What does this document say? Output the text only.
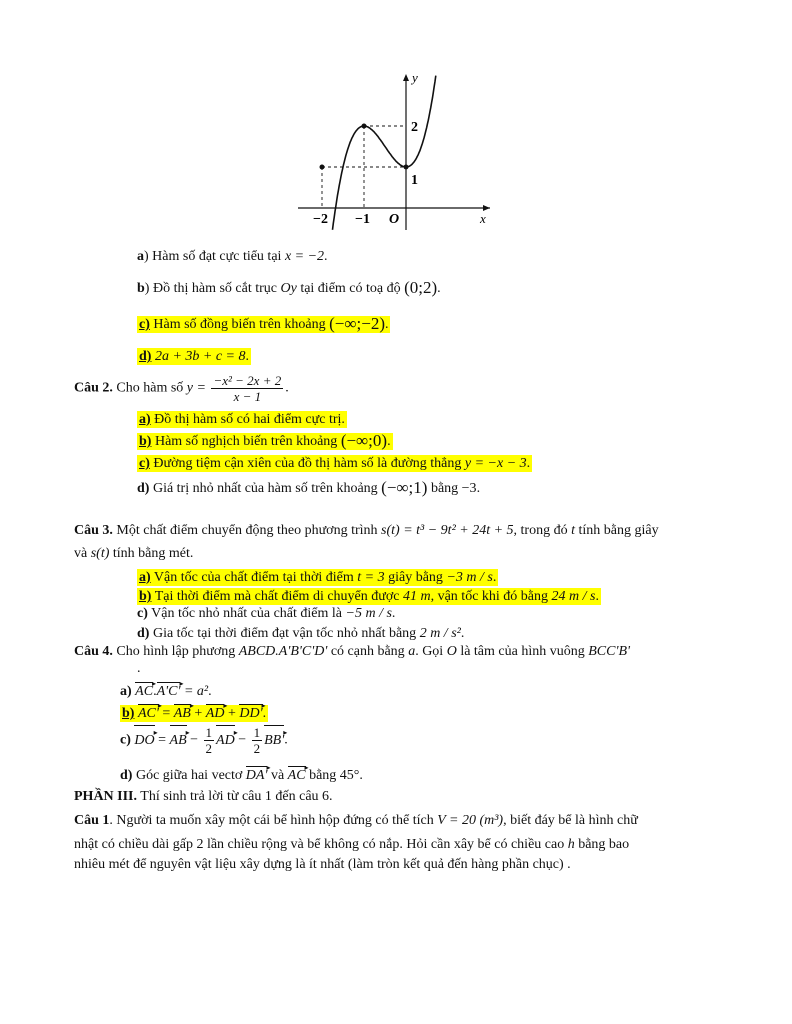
y
x
O
−2 −1
1
2
a) Hàm số đạt cực tiểu tại x = −2.
b) Đồ thị hàm số cắt trục Oy tại điểm có toạ độ (0;2).
c) Hàm số đồng biến trên khoảng (−∞;−2).
d) 2a + 3b + c = 8.
Câu 2. Cho hàm số $y = \frac{\text{−x² − 2x + 2}}{x - 1}$ .
a) Đồ thị hàm số có hai điểm cực trị.
b) Hàm số nghịch biến trên khoảng (−∞;0).
c) Đường tiệm cận xiên của đồ thị hàm số là đường thẳng y = −x − 3.
d) Giá trị nhỏ nhất của hàm số trên khoảng (−∞;1) bằng −3.
Câu 3. Một chất điểm chuyển động theo phương trình s(t) = t³ − 9t² + 24t + 5, trong đó t tính bằng giây
và s(t) tính bằng mét.
a) Vận tốc của chất điểm tại thời điểm t = 3 giây bằng −3 m / s.
b) Tại thời điểm mà chất điểm di chuyển được 41 m, vận tốc khi đó bằng 24 m / s.
c) Vận tốc nhỏ nhất của chất điểm là −5 m / s.
d) Gia tốc tại thời điểm đạt vận tốc nhỏ nhất bằng 2 m / s².
Câu 4. Cho hình lập phương ABCD.A'B'C'D' có cạnh bằng a. Gọi O là tâm của hình vuông BCC'B'
.
a) AC ▸.A'C' ▸ = a².
b) AC' ▸ = AB ▸ + AD ▸ + DD' ▸.
c) DO ▸ = AB ▸ − $\frac{1}{2}$ AD ▸ − $\frac{1}{2} BB'$ ▸.
d) Góc giữa hai vectơ DA' ▸ và AC ▸ bằng 45°.
PHẦN III. Thí sinh trả lời từ câu 1 đến câu 6.
Câu 1. Người ta muốn xây một cái bể hình hộp đứng có thể tích V = 20 (m³), biết đáy bể là hình chữ
nhật có chiều dài gấp 2 lần chiều rộng và bể không có nắp. Hỏi cần xây bể có chiều cao h bằng bao
nhiêu mét để nguyên vật liệu xây dựng là ít nhất (làm tròn kết quả đến hàng phần chục) .
